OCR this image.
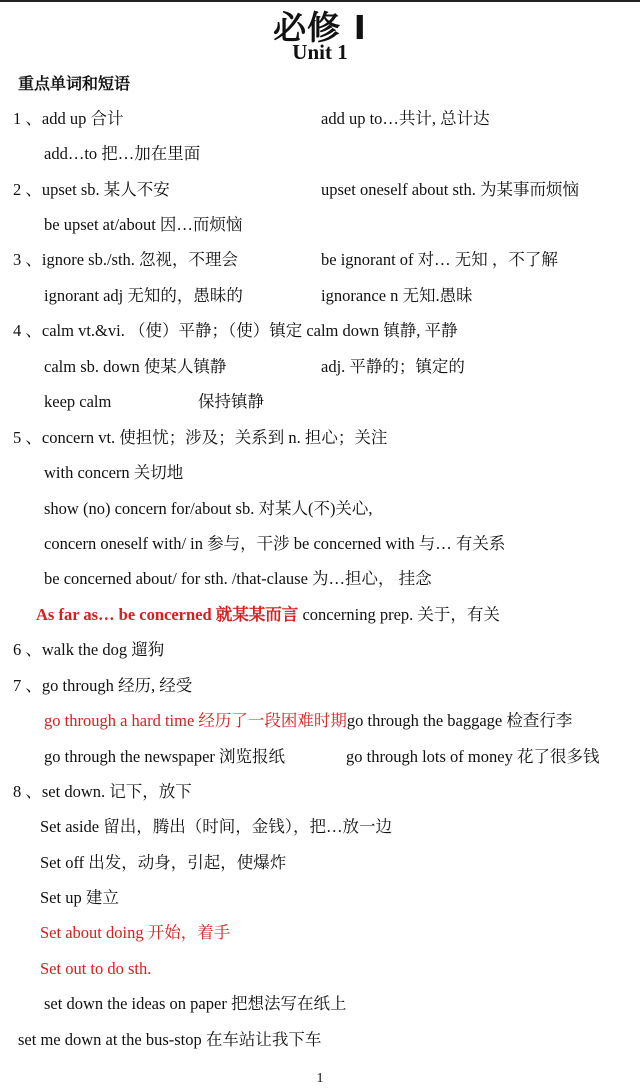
必修 Ⅰ
Unit 1
重点单词和短语
1 、add up 合计	add up to…共计, 总计达
add…to 把…加在里面
2 、upset sb. 某人不安	upset oneself about sth. 为某事而烦恼
be upset at/about 因…而烦恼
3 、ignore sb./sth. 忽视，不理会	be ignorant of 对… 无知 ，不了解
ignorant adj 无知的，愚昧的	ignorance n 无知.愚昧
4 、calm vt.&vi. （使）平静；（使）镇定 calm down 镇静, 平静
calm sb. down 使某人镇静	adj. 平静的；镇定的
keep calm	保持镇静
5 、concern vt. 使担忧；涉及；关系到 n. 担心；关注
with concern 关切地
show (no) concern for/about sb. 对某人(不)关心,
concern oneself with/ in 参与，干涉 be concerned with 与… 有关系
be concerned about/ for sth. /that-clause 为…担心， 挂念
As far as… be concerned 就某某而言 concerning prep. 关于，有关
6 、walk the dog 遛狗
7 、go through 经历, 经受
go through a hard time 经历了一段困难时期go through the baggage 检查行李
go through the newspaper 浏览报纸	go through lots of money 花了很多钱
8 、set down. 记下，放下
Set aside 留出，腾出（时间，金钱），把…放一边
Set off 出发，动身，引起，使爆炸
Set up 建立
Set about doing 开始，着手
Set out to do sth.
set down the ideas on paper 把想法写在纸上
set me down at the bus-stop 在车站让我下车
1
